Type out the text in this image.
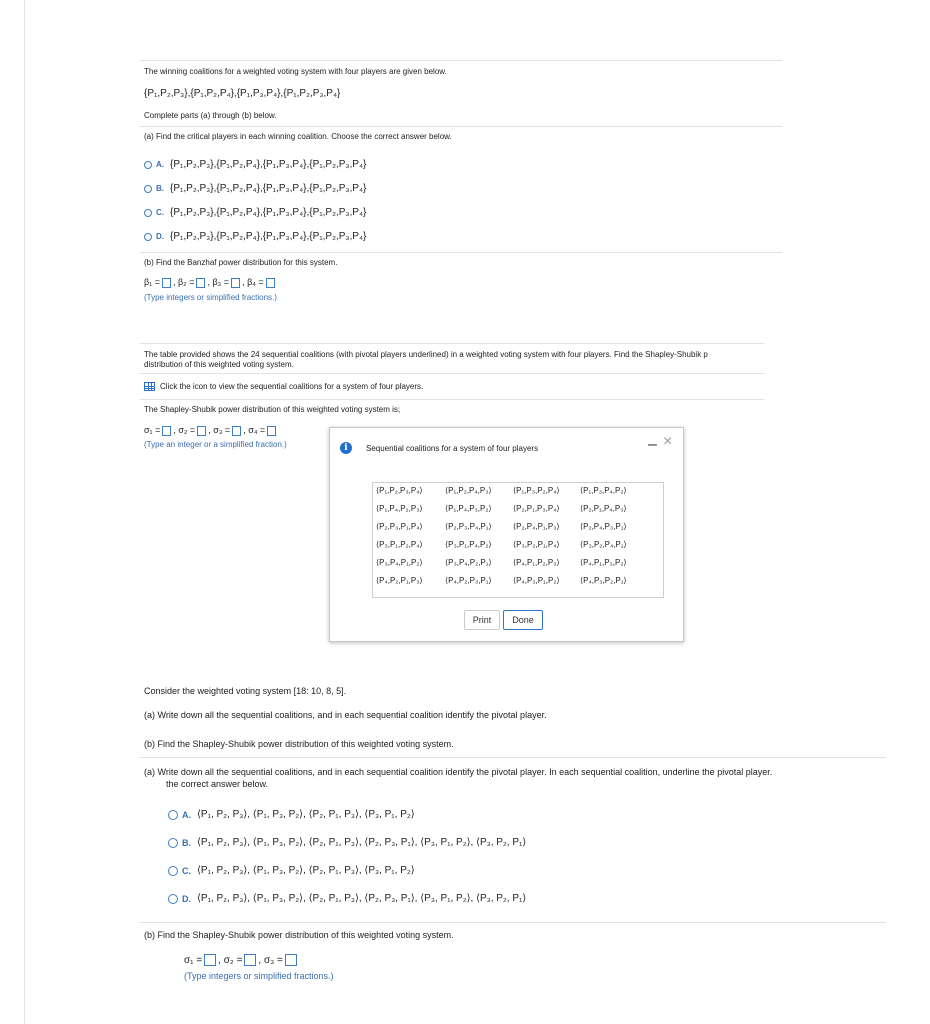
The winning coalitions for a weighted voting system with four players are given below.
{P₁,P₂,P₃},{P₁,P₂,P₄},{P₁,P₃,P₄},{P₁,P₂,P₃,P₄}
Complete parts (a) through (b) below.
(a) Find the critical players in each winning coalition. Choose the correct answer below.
A. {P₁,P₂,P₃},{P₁,P₂,P₄},{P₁,P₃,P₄},{P₁,P₂,P₃,P₄}
B. {P₁,P₂,P₃},{P₁,P₂,P₄},{P₁,P₃,P₄},{P₁,P₂,P₃,P₄}
C. {P₁,P₂,P₃},{P₁,P₂,P₄},{P₁,P₃,P₄},{P₁,P₂,P₃,P₄}
D. {P₁,P₂,P₃},{P₁,P₂,P₄},{P₁,P₃,P₄},{P₁,P₂,P₃,P₄}
(b) Find the Banzhaf power distribution for this system.
β₁ = , β₂ = , β₃ = , β₄ =
(Type integers or simplified fractions.)
The table provided shows the 24 sequential coalitions (with pivotal players underlined) in a weighted voting system with four players. Find the Shapley-Shubik p
distribution of this weighted voting system.
Click the icon to view the sequential coalitions for a system of four players.
The Shapley-Shubik power distribution of this weighted voting system is;
σ₁ = , σ₂ = , σ₃ = , σ₄ =
(Type an integer or a simplified fraction.)	i	Sequential coalitions for a system of four players	– ×
⟨P₁,P₂,P₃,P₄⟩	⟨P₁,P₂,P₄,P₃⟩	⟨P₁,P₃,P₂,P₄⟩	⟨P₁,P₃,P₄,P₂⟩
⟨P₁,P₄,P₂,P₃⟩	⟨P₁,P₄,P₃,P₂⟩	⟨P₂,P₁,P₃,P₄⟩	⟨P₂,P₁,P₄,P₃⟩
⟨P₂,P₃,P₁,P₄⟩	⟨P₂,P₃,P₄,P₁⟩	⟨P₂,P₄,P₁,P₃⟩	⟨P₂,P₄,P₃,P₁⟩
⟨P₃,P₁,P₂,P₄⟩	⟨P₃,P₁,P₄,P₂⟩	⟨P₃,P₂,P₁,P₄⟩	⟨P₃,P₂,P₄,P₁⟩
⟨P₃,P₄,P₁,P₂⟩	⟨P₃,P₄,P₂,P₁⟩	⟨P₄,P₁,P₂,P₃⟩	⟨P₄,P₁,P₃,P₂⟩
⟨P₄,P₂,P₁,P₃⟩	⟨P₄,P₂,P₃,P₁⟩	⟨P₄,P₃,P₁,P₂⟩	⟨P₄,P₃,P₂,P₁⟩
Print	Done
Consider the weighted voting system [18: 10, 8, 5].
(a) Write down all the sequential coalitions, and in each sequential coalition identify the pivotal player.
(b) Find the Shapley-Shubik power distribution of this weighted voting system.
(a) Write down all the sequential coalitions, and in each sequential coalition identify the pivotal player. In each sequential coalition, underline the pivotal player.
the correct answer below.
A. ⟨P₁, P₂, P₃⟩, ⟨P₁, P₃, P₂⟩, ⟨P₂, P₁, P₃⟩, ⟨P₃, P₁, P₂⟩
B. ⟨P₁, P₂, P₃⟩, ⟨P₁, P₃, P₂⟩, ⟨P₂, P₁, P₃⟩, ⟨P₂, P₃, P₁⟩, ⟨P₃, P₁, P₂⟩, ⟨P₃, P₂, P₁⟩
C. ⟨P₁, P₂, P₃⟩, ⟨P₁, P₃, P₂⟩, ⟨P₂, P₁, P₃⟩, ⟨P₃, P₁, P₂⟩
D. ⟨P₁, P₂, P₃⟩, ⟨P₁, P₃, P₂⟩, ⟨P₂, P₁, P₃⟩, ⟨P₂, P₃, P₁⟩, ⟨P₃, P₁, P₂⟩, ⟨P₃, P₂, P₁⟩
(b) Find the Shapley-Shubik power distribution of this weighted voting system.
σ₁ = , σ₂ = , σ₃ =
(Type integers or simplified fractions.)
